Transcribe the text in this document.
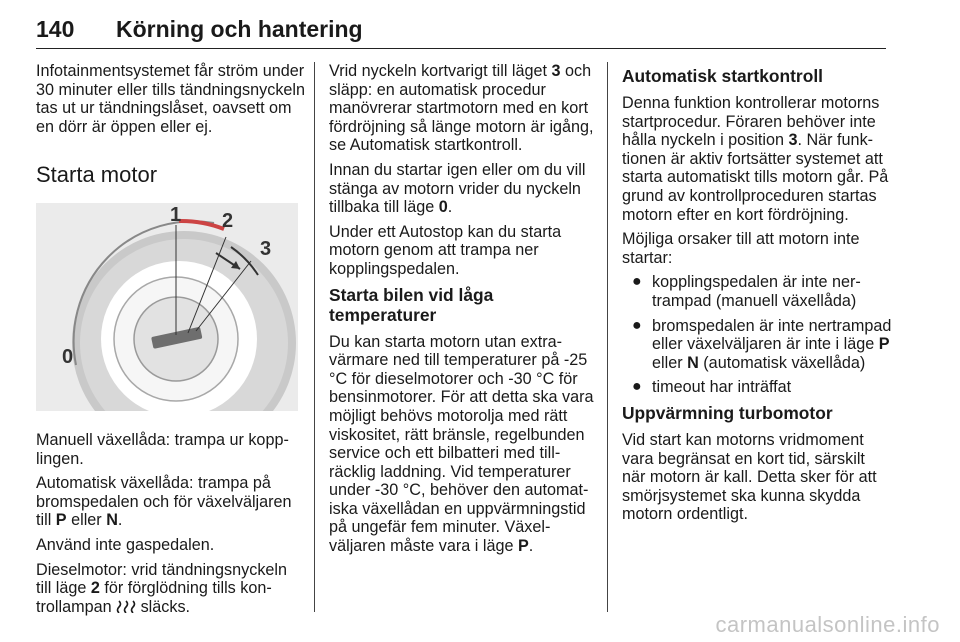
140 Körning och hantering

Infotainmentsystemet får ström under 30 minuter eller tills tändningsnyckeln tas ut ur tändningslåset, oavsett om en dörr är öppen eller ej.

Starta motor
0
1 2
3

Manuell växellåda: trampa ur kopplingen.

Automatisk växellåda: trampa på bromspedalen och för växelväljaren till P eller N.

Använd inte gaspedalen.

Dieselmotor: vrid tändningsnyckeln till läge 2 för förglödning tills kontrollampan  släcks.

Vrid nyckeln kortvarigt till läget 3 och släpp: en automatisk procedur manövrerar startmotorn med en kort fördröjning så länge motorn är igång, se Automatisk startkontroll.

Innan du startar igen eller om du vill stänga av motorn vrider du nyckeln tillbaka till läge 0.

Under ett Autostop kan du starta motorn genom att trampa ner kopplingspedalen.

Starta bilen vid låga temperaturer

Du kan starta motorn utan extravärmare ned till temperaturer på -25 °C för dieselmotorer och -30 °C för bensinmotorer. För att detta ska vara möjligt behövs motorolja med rätt viskositet, rätt bränsle, regelbunden service och ett bilbatteri med tillräcklig laddning. Vid temperaturer under -30 °C, behöver den automatiska växellådan en uppvärmningstid på ungefär fem minuter. Växelväljaren måste vara i läge P.

Automatisk startkontroll

Denna funktion kontrollerar motorns startprocedur. Föraren behöver inte hålla nyckeln i position 3. När funktionen är aktiv fortsätter systemet att starta automatiskt tills motorn går. På grund av kontrollproceduren startas motorn efter en kort fördröjning.

Möjliga orsaker till att motorn inte startar:

● kopplingspedalen är inte nertrampad (manuell växellåda)
● bromspedalen är inte nertrampad eller växelväljaren är inte i läge P eller N (automatisk växellåda)
● timeout har inträffat
Uppvärmning turbomotor

Vid start kan motorns vridmoment vara begränsat en kort tid, särskilt när motorn är kall. Detta sker för att smörjsystemet ska kunna skydda motorn ordentligt.

carmanualsonline.info
